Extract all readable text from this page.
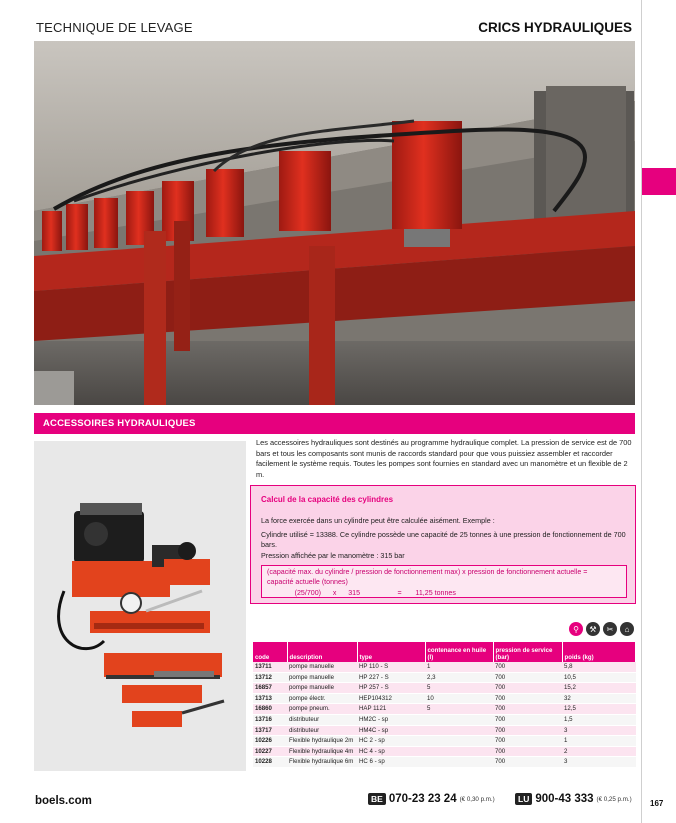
TECHNIQUE DE LEVAGE	CRICS HYDRAULIQUES
ACCESSOIRES HYDRAULIQUES
Les accessoires hydrauliques sont destinés au programme hydraulique complet. La pression de service est de 700 bars et tous les composants sont munis de raccords standard pour que vous puissiez assembler et raccorder facilement le système requis. Toutes les pompes sont fournies en standard avec un manomètre et un flexible de 2 m.
Calcul de la capacité des cylindres

La force exercée dans un cylindre peut être calculée aisément. Exemple :

Cylindre utilisé = 13388. Ce cylindre possède une capacité de 25 tonnes à une pression de fonctionnement de 700 bars.

Pression affichée par le manomètre : 315 bar

(capacité max. du cylindre / pression de fonctionnement max) x pression de fonctionnement actuelle =
capacité actuelle (tonnes)
(25/700)      x      315                   =       11,25 tonnes
⚲	⚒	✂	⌂
code	description	type	contenance en huile (l)	pression de service (bar)	poids (kg)
13711	pompe manuelle	HP 110 - S	1	700	5,8
13712	pompe manuelle	HP 227 - S	2,3	700	10,5
16857	pompe manuelle	HP 257 - S	5	700	15,2
13713	pompe électr.	HEP104312	10	700	32
16860	pompe pneum.	HAP 1121	5	700	12,5
13716	distributeur	HM2C - sp		700	1,5
13717	distributeur	HM4C - sp		700	3
10226	Flexible hydraulique 2m	HC 2 - sp		700	1
10227	Flexible hydraulique 4m	HC 4 - sp		700	2
10228	Flexible hydraulique 6m	HC 6 - sp		700	3
boels.com	BE 070-23 23 24 (€ 0,30 p.m.)	LU 900-43 333 (€ 0,25 p.m.) 167
